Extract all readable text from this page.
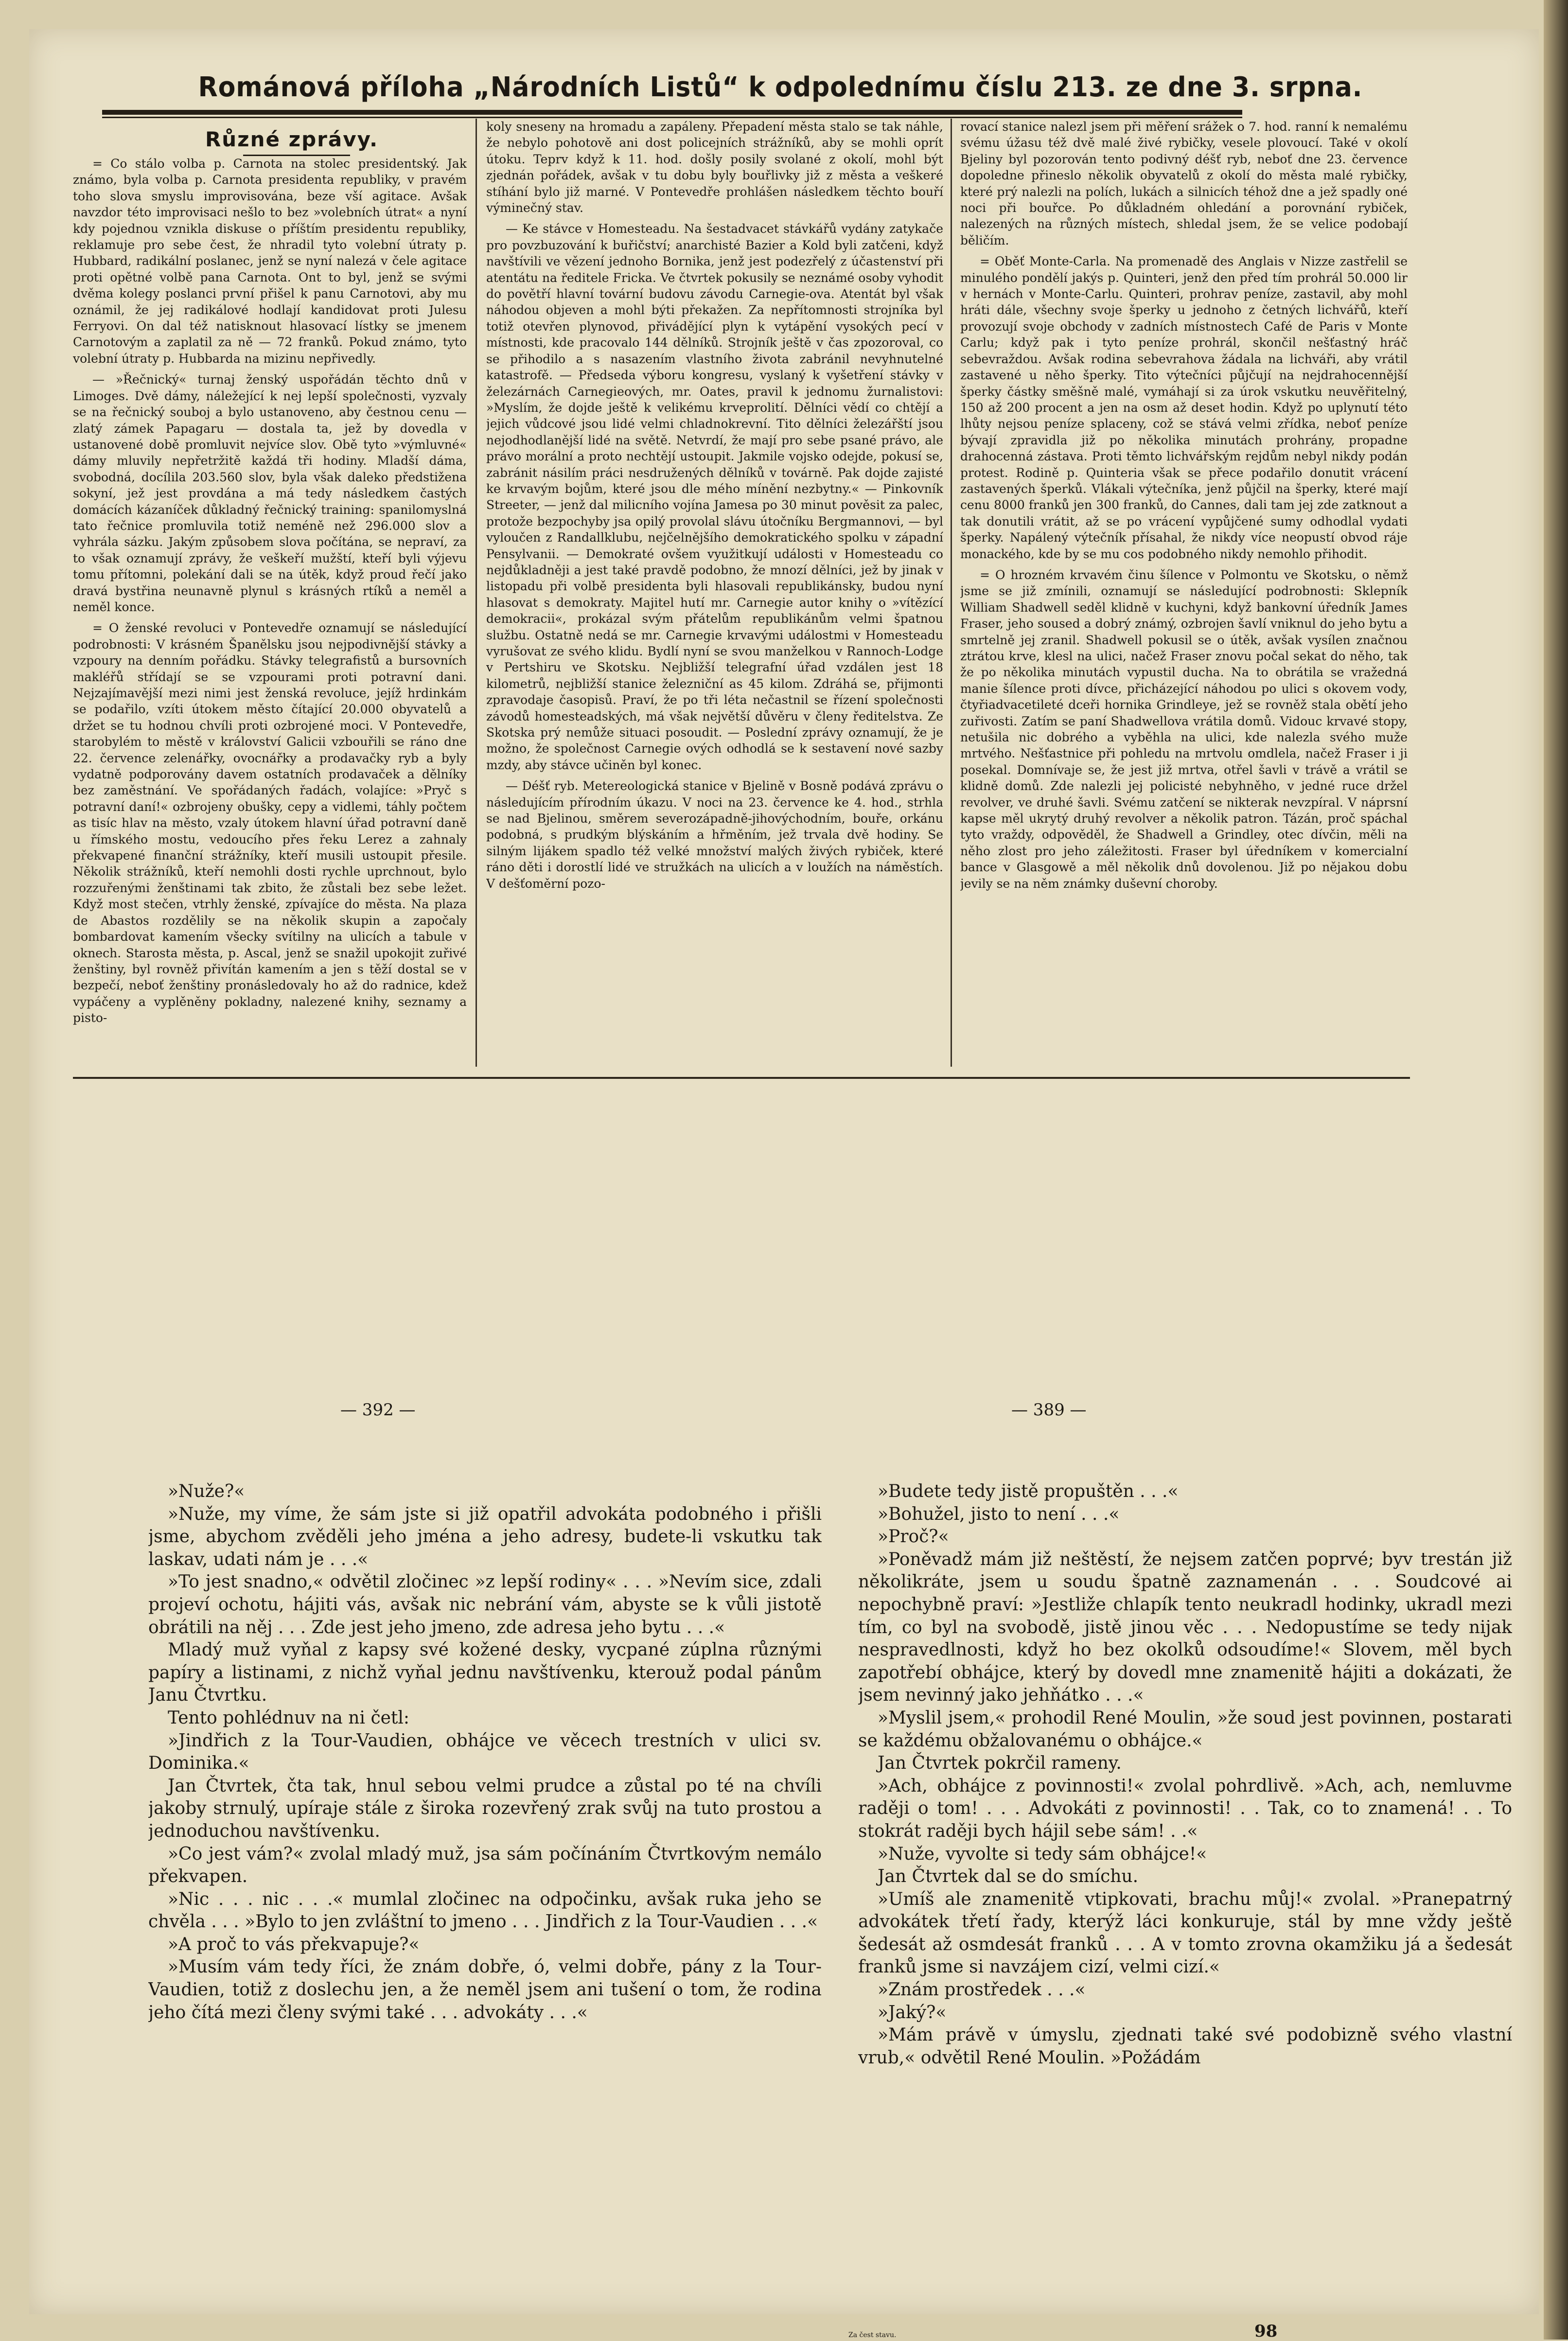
Románová příloha „Národních Listů“ k odpolednímu číslu 213. ze dne 3. srpna.
Různé zprávy.

= Co stálo volba p. Carnota na stolec presidentský. Jak známo, byla volba p. Carnota presidenta republiky, v pravém toho slova smyslu improvisována, beze vší agitace. Avšak navzdor této improvisaci nešlo to bez »volebních útrat« a nyní kdy pojednou vznikla diskuse o příštím presidentu republiky, reklamuje pro sebe čest, že nhradil tyto volební útraty p. Hubbard, radikální poslanec, jenž se nyní nalezá v čele agitace proti opětné volbě pana Carnota. Ont to byl, jenž se svými dvěma kolegy poslanci první přišel k panu Carnotovi, aby mu oznámil, že jej radikálové hodlají kandidovat proti Julesu Ferryovi. On dal též natisknout hlasovací lístky se jmenem Carnotovým a zaplatil za ně — 72 franků. Pokud známo, tyto volební útraty p. Hubbarda na mizinu nepřivedly.

— »Řečnický« turnaj ženský uspořádán těchto dnů v Limoges. Dvě dámy, náležející k nej lepší společnosti, vyzvaly se na řečnický souboj a bylo ustanoveno, aby čestnou cenu — zlatý zámek Papagaru — dostala ta, jež by dovedla v ustanovené době promluvit nejvíce slov. Obě tyto »výmluvné« dámy mluvily nepřetržitě každá tři hodiny. Mladší dáma, svobodná, docílila 203.560 slov, byla však daleko předstižena sokyní, jež jest provdána a má tedy následkem častých domácích kázaníček důkladný řečnický training: spanilomyslná tato řečnice promluvila totiž neméně než 296.000 slov a vyhrála sázku. Jakým způsobem slova počítána, se nepraví, za to však oznamují zprávy, že veškeří mužští, kteří byli výjevu tomu přítomni, polekání dali se na útěk, když proud řečí jako dravá bystřina neunavně plynul s krásných rtíků a neměl a neměl konce.

= O ženské revoluci v Pontevedře oznamují se následující podrobnosti: V krásném Španělsku jsou nejpodivnější stávky a vzpoury na denním pořádku. Stávky telegrafistů a bursovních makléřů střídají se se vzpourami proti potravní dani. Nejzajímavější mezi nimi jest ženská revoluce, jejíž hrdinkám se podařilo, vzíti útokem město čítající 20.000 obyvatelů a držet se tu hodnou chvíli proti ozbrojené moci. V Pontevedře, starobylém to městě v království Galicii vzbouřili se ráno dne 22. července zelenářky, ovocnářky a prodavačky ryb a byly vydatně podporovány davem ostatních prodavaček a dělníky bez zaměstnání. Ve spořádaných řadách, volajíce: »Pryč s potravní daní!« ozbrojeny obušky, cepy a vidlemi, táhly počtem as tisíc hlav na město, vzaly útokem hlavní úřad potravní daně u římského mostu, vedoucího přes řeku Lerez a zahnaly překvapené finanční strážníky, kteří musili ustoupit přesile. Několik strážníků, kteří nemohli dosti rychle uprchnout, bylo rozzuřenými ženštinami tak zbito, že zůstali bez sebe ležet. Když most stečen, vtrhly ženské, zpívajíce do města. Na plaza de Abastos rozdělily se na několik skupin a započaly bombardovat kamením všecky svítilny na ulicích a tabule v oknech. Starosta města, p. Ascal, jenž se snažil upokojit zuřivé ženštiny, byl rovněž přivítán kamením a jen s těží dostal se v bezpečí, neboť ženštiny pronásledovaly ho až do radnice, kdež vypáčeny a vyplěněny pokladny, nalezené knihy, seznamy a pisto-

koly sneseny na hromadu a zapáleny. Přepadení města stalo se tak náhle, že nebylo pohotově ani dost policejních strážníků, aby se mohli oprít útoku. Teprv když k 11. hod. došly posily svolané z okolí, mohl být zjednán pořádek, avšak v tu dobu byly bouřlivky již z města a veškeré stíhání bylo již marné. V Pontevedře prohlášen následkem těchto bouří výminečný stav.

— Ke stávce v Homesteadu. Na šestadvacet stávkářů vydány zatykače pro povzbuzování k buřičství; anarchisté Bazier a Kold byli zatčeni, když navštívili ve vězení jednoho Bornika, jenž jest podezřelý z účastenství při atentátu na ředitele Fricka. Ve čtvrtek pokusily se neznámé osoby vyhodit do povětří hlavní tovární budovu závodu Carnegie-ova. Atentát byl však náhodou objeven a mohl býti překažen. Za nepřítomnosti strojníka byl totiž otevřen plynovod, přivádějící plyn k vytápění vysokých pecí v místnosti, kde pracovalo 144 dělníků. Strojník ještě v čas zpozoroval, co se přihodilo a s nasazením vlastního života zabránil nevyhnutelné katastrofě. — Předseda výboru kongresu, vyslaný k vyšetření stávky v železárnách Carnegieových, mr. Oates, pravil k jednomu žurnalistovi: »Myslím, že dojde ještě k velikému krveprolití. Dělníci vědí co chtějí a jejich vůdcové jsou lidé velmi chladnokrevní. Tito dělníci železářští jsou nejodhodlanější lidé na světě. Netvrdí, že mají pro sebe psané právo, ale právo morální a proto nechtějí ustoupit. Jakmile vojsko odejde, pokusí se, zabránit násilím práci nesdružených dělníků v továrně. Pak dojde zajisté ke krvavým bojům, které jsou dle mého mínění nezbytny.« — Pinkovník Streeter, — jenž dal milicního vojína Jamesa po 30 minut pověsit za palec, protože bezpochyby jsa opilý provolal slávu útočníku Bergmannovi, — byl vyloučen z Randallklubu, nejčelnějšího demokratického spolku v západní Pensylvanii. — Demokraté ovšem využitkují události v Homesteadu co nejdůkladněji a jest také pravdě podobno, že mnozí dělníci, jež by jinak v listopadu při volbě presidenta byli hlasovali republikánsky, budou nyní hlasovat s demokraty. Majitel hutí mr. Carnegie autor knihy o »vítězící demokracii«, prokázal svým přátelům republikánům velmi špatnou službu. Ostatně nedá se mr. Carnegie krvavými událostmi v Homesteadu vyrušovat ze svého klidu. Bydlí nyní se svou manželkou v Rannoch-Lodge v Pertshiru ve Skotsku. Nejbližší telegrafní úřad vzdálen jest 18 kilometrů, nejbližší stanice železniční as 45 kilom. Zdráhá se, přijmonti zpravodaje časopisů. Praví, že po tři léta nečastnil se řízení společnosti závodů homesteadských, má však největší důvěru v členy ředitelstva. Ze Skotska prý nemůže situaci posoudit. — Poslední zprávy oznamují, že je možno, že společnost Carnegie ových odhodlá se k sestavení nové sazby mzdy, aby stávce učiněn byl konec.

— Déšť ryb. Metereologická stanice v Bjelině v Bosně podává zprávu o následujícím přírodním úkazu. V noci na 23. července ke 4. hod., strhla se nad Bjelinou, směrem severozápadně-jihovýchodním, bouře, orkánu podobná, s prudkým blýskáním a hřměním, jež trvala dvě hodiny. Se silným lijákem spadlo též velké množství malých živých rybiček, které ráno děti i dorostlí lidé ve stružkách na ulicích a v loužích na náměstích. V dešťoměrní pozo-

rovací stanice nalezl jsem při měření srážek o 7. hod. ranní k nemalému svému úžasu též dvě malé živé rybičky, vesele plovoucí. Také v okolí Bjeliny byl pozorován tento podivný déšť ryb, neboť dne 23. července dopoledne přineslo několik obyvatelů z okolí do města malé rybičky, které prý nalezli na polích, lukách a silnicích téhož dne a jež spadly oné noci při bouřce. Po důkladném ohledání a porovnání rybiček, nalezených na různých místech, shledal jsem, že se velice podobají běličím.

= Oběť Monte-Carla. Na promenadě des Anglais v Nizze zastřelil se minulého pondělí jakýs p. Quinteri, jenž den před tím prohrál 50.000 lir v hernách v Monte-Carlu. Quinteri, prohrav peníze, zastavil, aby mohl hráti dále, všechny svoje šperky u jednoho z četných lichvářů, kteří provozují svoje obchody v zadních místnostech Café de Paris v Monte Carlu; když pak i tyto peníze prohrál, skončil nešťastný hráč sebevraždou. Avšak rodina sebevrahova žádala na lichváři, aby vrátil zastavené u něho šperky. Tito výtečníci půjčují na nejdrahocennější šperky částky směšně malé, vymáhají si za úrok vskutku neuvěřitelný, 150 až 200 procent a jen na osm až deset hodin. Když po uplynutí této lhůty nejsou peníze splaceny, což se stává velmi zřídka, neboť peníze bývají zpravidla již po několika minutách prohrány, propadne drahocenná zástava. Proti těmto lichvářským rejdům nebyl nikdy podán protest. Rodině p. Quinteria však se přece podařilo donutit vrácení zastavených šperků. Vlákali výtečníka, jenž půjčil na šperky, které mají cenu 8000 franků jen 300 franků, do Cannes, dali tam jej zde zatknout a tak donutili vrátit, až se po vrácení vypůjčené sumy odhodlal vydati šperky. Napálený výtečník přísahal, že nikdy více neopustí obvod ráje monackého, kde by se mu cos podobného nikdy nemohlo přihodit.

= O hrozném krvavém činu šílence v Polmontu ve Skotsku, o němž jsme se již zmínili, oznamují se následující podrobnosti: Sklepník William Shadwell seděl klidně v kuchyni, když bankovní úředník James Fraser, jeho soused a dobrý známý, ozbrojen šavlí vniknul do jeho bytu a smrtelně jej zranil. Shadwell pokusil se o útěk, avšak vysílen značnou ztrátou krve, klesl na ulici, načež Fraser znovu počal sekat do něho, tak že po několika minutách vypustil ducha. Na to obrátila se vražedná manie šílence proti dívce, přicházející náhodou po ulici s okovem vody, čtyřiadvacetileté dceři hornika Grindleye, jež se rovněž stala obětí jeho zuřivosti. Zatím se paní Shadwellova vrátila domů. Vidouc krvavé stopy, netušila nic dobrého a vyběhla na ulici, kde nalezla svého muže mrtvého. Nešťastnice při pohledu na mrtvolu omdlela, načež Fraser i ji posekal. Domnívaje se, že jest již mrtva, otřel šavli v trávě a vrátil se klidně domů. Zde nalezli jej policisté nebyhněho, v jedné ruce držel revolver, ve druhé šavli. Svému zatčení se nikterak nevzpíral. V náprsní kapse měl ukrytý druhý revolver a několik patron. Tázán, proč spáchal tyto vraždy, odpověděl, že Shadwell a Grindley, otec dívčin, měli na něho zlost pro jeho záležitosti. Fraser byl úředníkem v komercialní bance v Glasgowě a měl několik dnů dovolenou. Již po nějakou dobu jevily se na něm známky duševní choroby.

— 392 —	— 389 —

»Nuže?«

»Nuže, my víme, že sám jste si již opatřil advokáta podobného i přišli jsme, abychom zvěděli jeho jména a jeho adresy, budete-li vskutku tak laskav, udati nám je . . .«

»To jest snadno,« odvětil zločinec »z lepší rodiny« . . . »Nevím sice, zdali projeví ochotu, hájiti vás, avšak nic nebrání vám, abyste se k vůli jistotě obrátili na něj . . . Zde jest jeho jmeno, zde adresa jeho bytu . . .«

Mladý muž vyňal z kapsy své kožené desky, vycpané zúplna různými papíry a listinami, z nichž vyňal jednu navštívenku, kterouž podal pánům Janu Čtvrtku.

Tento pohlédnuv na ni četl:

»Jindřich z la Tour-Vaudien, obhájce ve věcech trestních v ulici sv. Dominika.«

Jan Čtvrtek, čta tak, hnul sebou velmi prudce a zůstal po té na chvíli jakoby strnulý, upíraje stále z široka rozevřený zrak svůj na tuto prostou a jednoduchou navštívenku.

»Co jest vám?« zvolal mladý muž, jsa sám počínáním Čtvrtkovým nemálo překvapen.

»Nic . . . nic . . .« mumlal zločinec na odpočinku, avšak ruka jeho se chvěla . . . »Bylo to jen zvláštní to jmeno . . . Jindřich z la Tour-Vaudien . . .«

»A proč to vás překvapuje?«

»Musím vám tedy říci, že znám dobře, ó, velmi dobře, pány z la Tour-Vaudien, totiž z doslechu jen, a že neměl jsem ani tušení o tom, že rodina jeho čítá mezi členy svými také . . . advokáty . . .«

»Budete tedy jistě propuštěn . . .«

»Bohužel, jisto to není . . .«

»Proč?«

»Poněvadž mám již neštěstí, že nejsem zatčen poprvé; byv trestán již několikráte, jsem u soudu špatně zaznamenán . . . Soudcové ai nepochybně praví: »Jestliže chlapík tento neukradl hodinky, ukradl mezi tím, co byl na svobodě, jistě jinou věc . . . Nedopustíme se tedy nijak nespravedlnosti, když ho bez okolků odsoudíme!« Slovem, měl bych zapotřebí obhájce, který by dovedl mne znamenitě hájiti a dokázati, že jsem nevinný jako jehňátko . . .«

»Myslil jsem,« prohodil René Moulin, »že soud jest povinnen, postarati se každému obžalovanému o obhájce.«

Jan Čtvrtek pokrčil rameny.

»Ach, obhájce z povinnosti!« zvolal pohrdlivě. »Ach, ach, nemluvme raději o tom! . . . Advokáti z povinnosti! . . Tak, co to znamená! . . To stokrát raději bych hájil sebe sám! . .«

»Nuže, vyvolte si tedy sám obhájce!«

Jan Čtvrtek dal se do smíchu.

»Umíš ale znamenitě vtipkovati, brachu můj!« zvolal. »Pranepatrný advokátek třetí řady, kterýž láci konkuruje, stál by mne vždy ještě šedesát až osmdesát franků . . . A v tomto zrovna okamžiku já a šedesát franků jsme si navzájem cizí, velmi cizí.«

»Znám prostředek . . .«

»Jaký?«

»Mám právě v úmyslu, zjednati také své podobizně svého vlastní vrub,« odvětil René Moulin. »Požádám

Za čest stavu.	98
